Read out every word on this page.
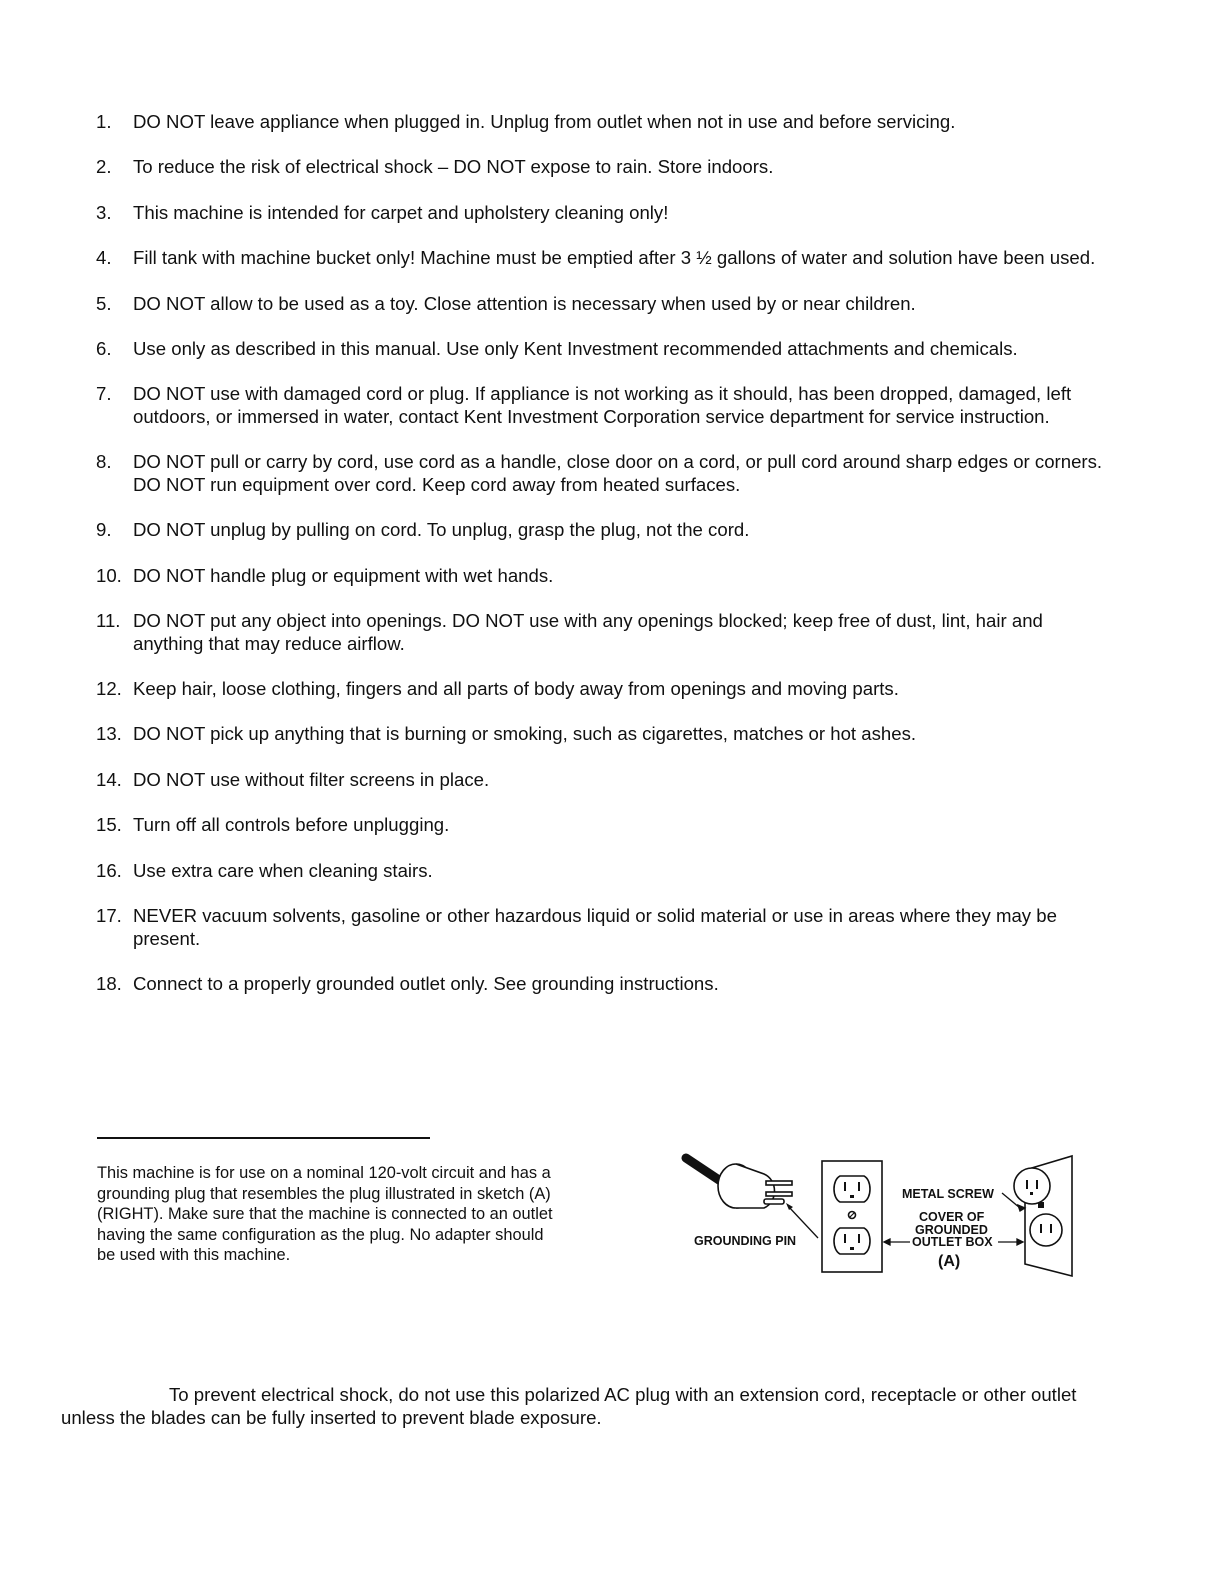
1.	DO NOT leave appliance when plugged in. Unplug from outlet when not in use and before servicing.
2.	To reduce the risk of electrical shock – DO NOT expose to rain. Store indoors.
3.	This machine is intended for carpet and upholstery cleaning only!
4.	Fill tank with machine bucket only! Machine must be emptied after 3 ½ gallons of water and solution have been used.
5.	DO NOT allow to be used as a toy. Close attention is necessary when used by or near children.
6.	Use only as described in this manual. Use only Kent Investment recommended attachments and chemicals.
7.	DO NOT use with damaged cord or plug. If appliance is not working as it should, has been dropped, damaged, left outdoors, or immersed in water, contact Kent Investment Corporation service department for service instruction.
8.	DO NOT pull or carry by cord, use cord as a handle, close door on a cord, or pull cord around sharp edges or corners. DO NOT run equipment over cord. Keep cord away from heated surfaces.
9.	DO NOT unplug by pulling on cord. To unplug, grasp the plug, not the cord.
10. DO NOT handle plug or equipment with wet hands.
11. DO NOT put any object into openings. DO NOT use with any openings blocked; keep free of dust, lint, hair and anything that may reduce airflow.
12. Keep hair, loose clothing, fingers and all parts of body away from openings and moving parts.
13. DO NOT pick up anything that is burning or smoking, such as cigarettes, matches or hot ashes.
14. DO NOT use without filter screens in place.
15. Turn off all controls before unplugging.
16. Use extra care when cleaning stairs.
17. NEVER vacuum solvents, gasoline or other hazardous liquid or solid material or use in areas where they may be present.
18. Connect to a properly grounded outlet only. See grounding instructions.

This machine is for use on a nominal 120-volt circuit and has a grounding plug that resembles the plug illustrated in sketch (A) (RIGHT). Make sure that the machine is connected to an outlet having the same configuration as the plug. No adapter should be used with this machine.

GROUNDING PIN
METAL SCREW
COVER OF
GROUNDED
OUTLET BOX
(A)

To prevent electrical shock, do not use this polarized AC plug with an extension cord, receptacle or other outlet unless the blades can be fully inserted to prevent blade exposure.
